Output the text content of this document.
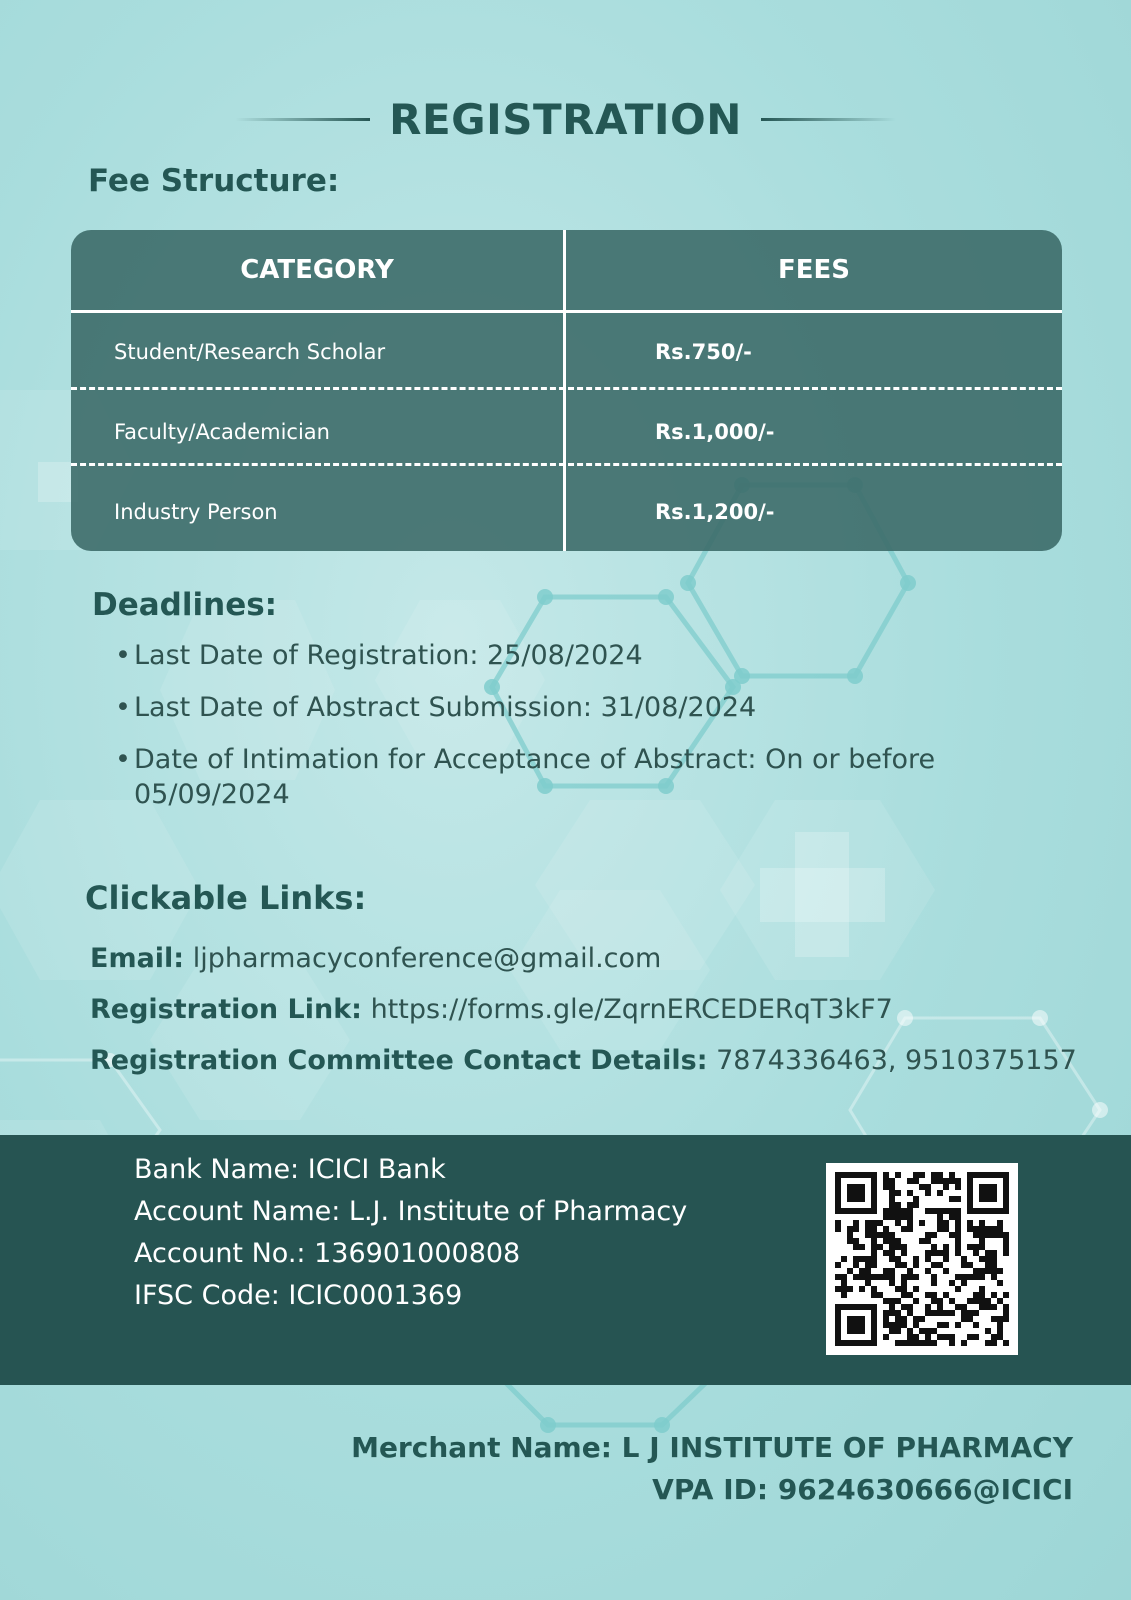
REGISTRATION
Fee Structure:
CATEGORY	FEES
Student/Research Scholar	Rs.750/-
Faculty/Academician	Rs.1,000/-
Industry Person	Rs.1,200/-
Deadlines:
• Last Date of Registration: 25/08/2024
• Last Date of Abstract Submission: 31/08/2024
• Date of Intimation for Acceptance of Abstract: On or before 05/09/2024
Clickable Links:
Email: ljpharmacyconference@gmail.com
Registration Link: https://forms.gle/ZqrnERCEDERqT3kF7
Registration Committee Contact Details: 7874336463, 9510375157
Bank Name: ICICI Bank
Account Name: L.J. Institute of Pharmacy
Account No.: 136901000808
IFSC Code: ICIC0001369
Merchant Name: L J INSTITUTE OF PHARMACY
VPA ID: 9624630666@ICICI
